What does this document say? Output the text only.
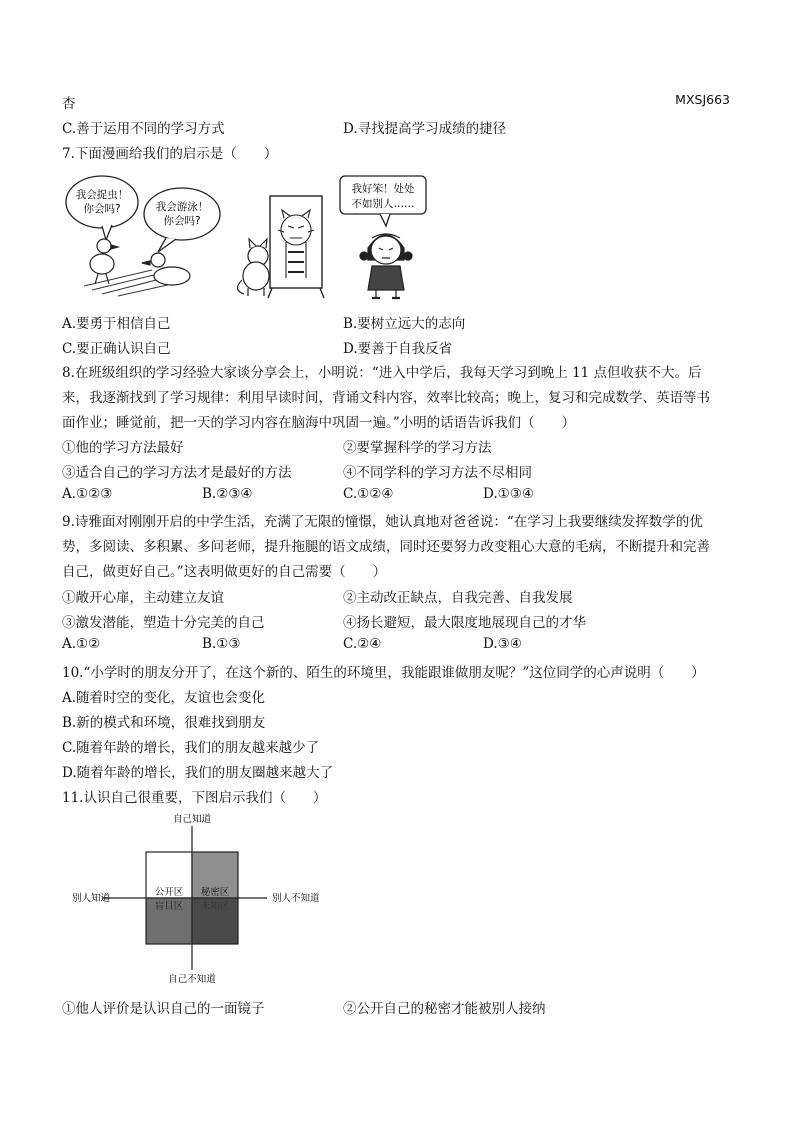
杏	MXSJ663
C.善于运用不同的学习方式	D.寻找提高学习成绩的捷径
7.下面漫画给我们的启示是（　　）
我会捉虫！
你会吗?	我会游泳！
你会吗?
我好笨！处处
不如别人……
A.要勇于相信自己	B.要树立远大的志向
C.要正确认识自己	D.要善于自我反省
8.在班级组织的学习经验大家谈分享会上，小明说：“进入中学后，我每天学习到晚上 11 点但收获不大。后
来，我逐渐找到了学习规律：利用早读时间，背诵文科内容，效率比较高；晚上，复习和完成数学、英语等书
面作业；睡觉前，把一天的学习内容在脑海中巩固一遍。”小明的话语告诉我们（　　）
①他的学习方法最好	②要掌握科学的学习方法
③适合自己的学习方法才是最好的方法	④不同学科的学习方法不尽相同
A.①②③	B.②③④	C.①②④	D.①③④
9.诗雅面对刚刚开启的中学生活，充满了无限的憧憬，她认真地对爸爸说：“在学习上我要继续发挥数学的优
势，多阅读、多积累、多问老师，提升拖腿的语文成绩，同时还要努力改变粗心大意的毛病，不断提升和完善
自己，做更好自己。”这表明做更好的自己需要（　　）
①敞开心扉，主动建立友谊	②主动改正缺点，自我完善、自我发展
③激发潜能，塑造十分完美的自己	④扬长避短，最大限度地展现自己的才华
A.①②	B.①③	C.②④	D.③④
10.“小学时的朋友分开了，在这个新的、陌生的环境里，我能跟谁做朋友呢？”这位同学的心声说明（　　）
A.随着时空的变化，友谊也会变化
B.新的模式和环境，很难找到朋友
C.随着年龄的增长，我们的朋友越来越少了
D.随着年龄的增长，我们的朋友圈越来越大了
11.认识自己很重要，下图启示我们（　　）
自己知道
自己不知道
别人知道	别人不知道
公开区 秘密区
盲目区 未知区
①他人评价是认识自己的一面镜子	②公开自己的秘密才能被别人接纳
